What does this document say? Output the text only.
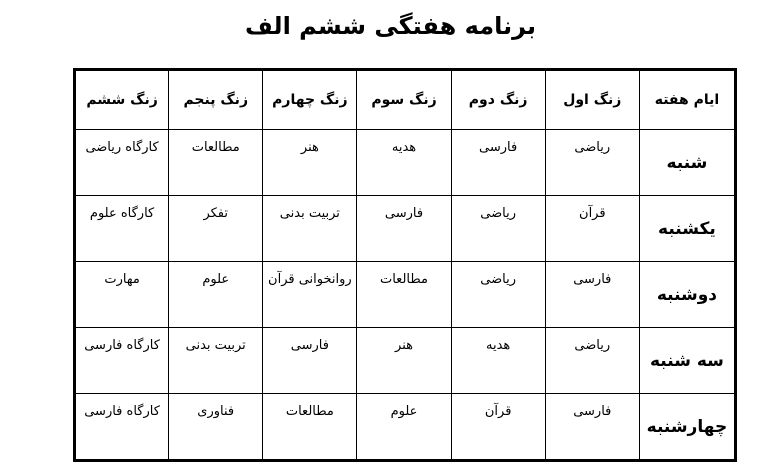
برنامه هفتگی ششم الف
ایام هفته	زنگ اول	زنگ دوم	زنگ سوم	زنگ چهارم	زنگ پنجم	زنگ ششم
شنبه	ریاضی	فارسی	هدیه	هنر	مطالعات	کارگاه ریاضی
یکشنبه	قرآن	ریاضی	فارسی	تربیت بدنی	تفکر	کارگاه علوم
دوشنبه	فارسی	ریاضی	مطالعات	روانخوانی قرآن	علوم	مهارت
سه شنبه	ریاضی	هدیه	هنر	فارسی	تربیت بدنی	کارگاه فارسی
چهارشنبه	فارسی	قرآن	علوم	مطالعات	فناوری	کارگاه فارسی
